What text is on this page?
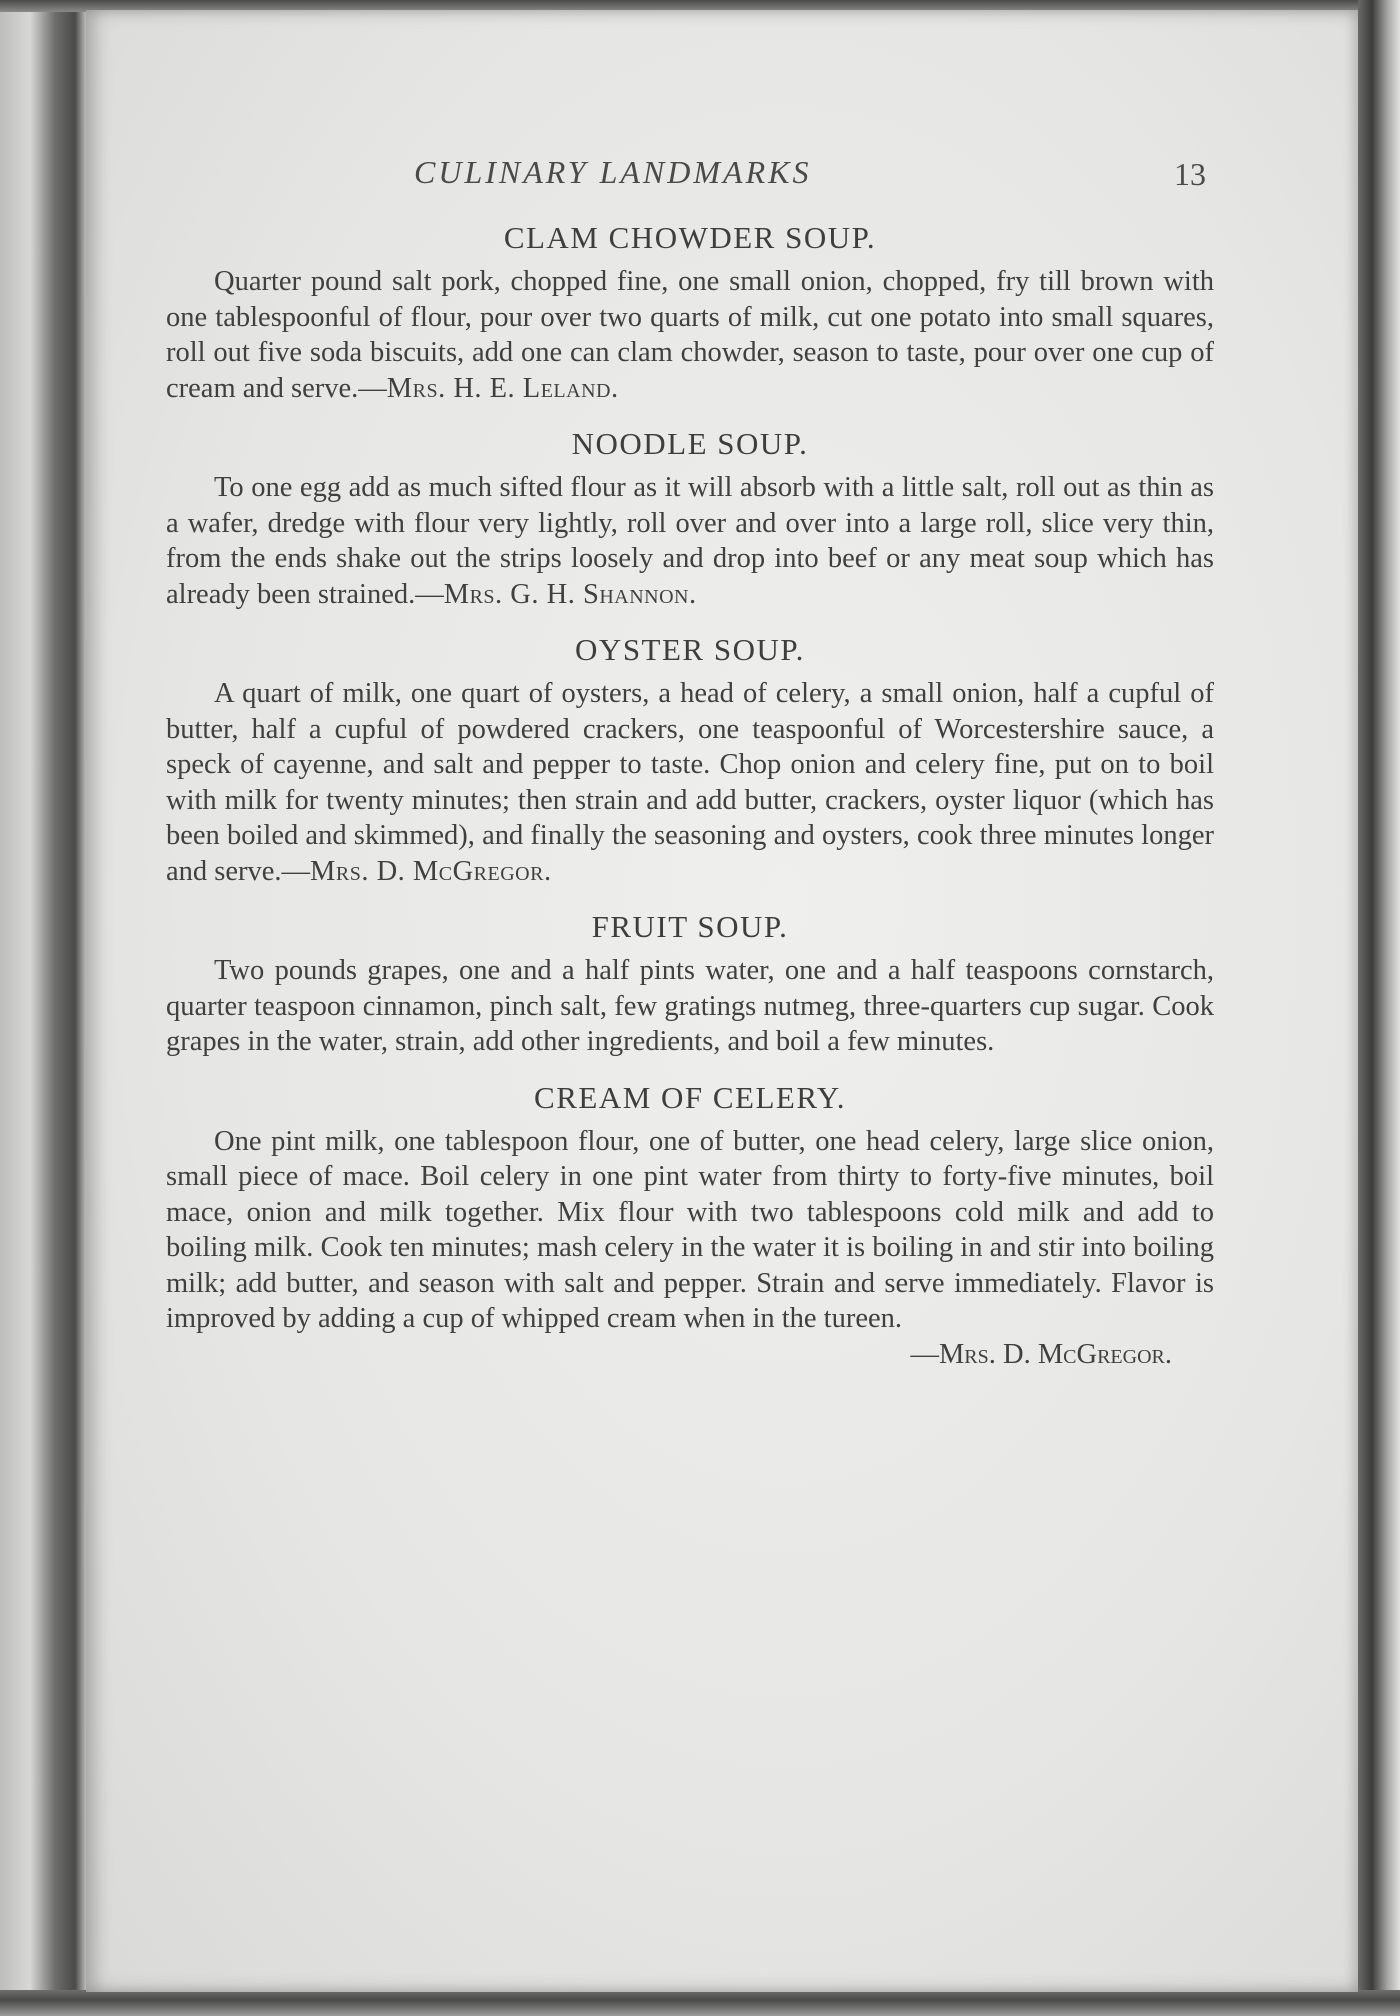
CULINARY LANDMARKS	13
CLAM CHOWDER SOUP.

Quarter pound salt pork, chopped fine, one small onion, chopped, fry till brown with one tablespoonful of flour, pour over two quarts of milk, cut one potato into small squares, roll out five soda biscuits, add one can clam chowder, season to taste, pour over one cup of cream and serve.—Mrs. H. E. Leland.

NOODLE SOUP.

To one egg add as much sifted flour as it will absorb with a little salt, roll out as thin as a wafer, dredge with flour very lightly, roll over and over into a large roll, slice very thin, from the ends shake out the strips loosely and drop into beef or any meat soup which has already been strained.—Mrs. G. H. Shannon.

OYSTER SOUP.

A quart of milk, one quart of oysters, a head of celery, a small onion, half a cupful of butter, half a cupful of powdered crackers, one teaspoonful of Worcestershire sauce, a speck of cayenne, and salt and pepper to taste. Chop onion and celery fine, put on to boil with milk for twenty minutes; then strain and add butter, crackers, oyster liquor (which has been boiled and skimmed), and finally the seasoning and oysters, cook three minutes longer and serve.—Mrs. D. McGregor.

FRUIT SOUP.

Two pounds grapes, one and a half pints water, one and a half teaspoons cornstarch, quarter teaspoon cinnamon, pinch salt, few gratings nutmeg, three-quarters cup sugar. Cook grapes in the water, strain, add other ingredients, and boil a few minutes.

CREAM OF CELERY.

One pint milk, one tablespoon flour, one of butter, one head celery, large slice onion, small piece of mace. Boil celery in one pint water from thirty to forty-five minutes, boil mace, onion and milk together. Mix flour with two tablespoons cold milk and add to boiling milk. Cook ten minutes; mash celery in the water it is boiling in and stir into boiling milk; add butter, and season with salt and pepper. Strain and serve immediately. Flavor is improved by adding a cup of whipped cream when in the tureen.

—Mrs. D. McGregor.
